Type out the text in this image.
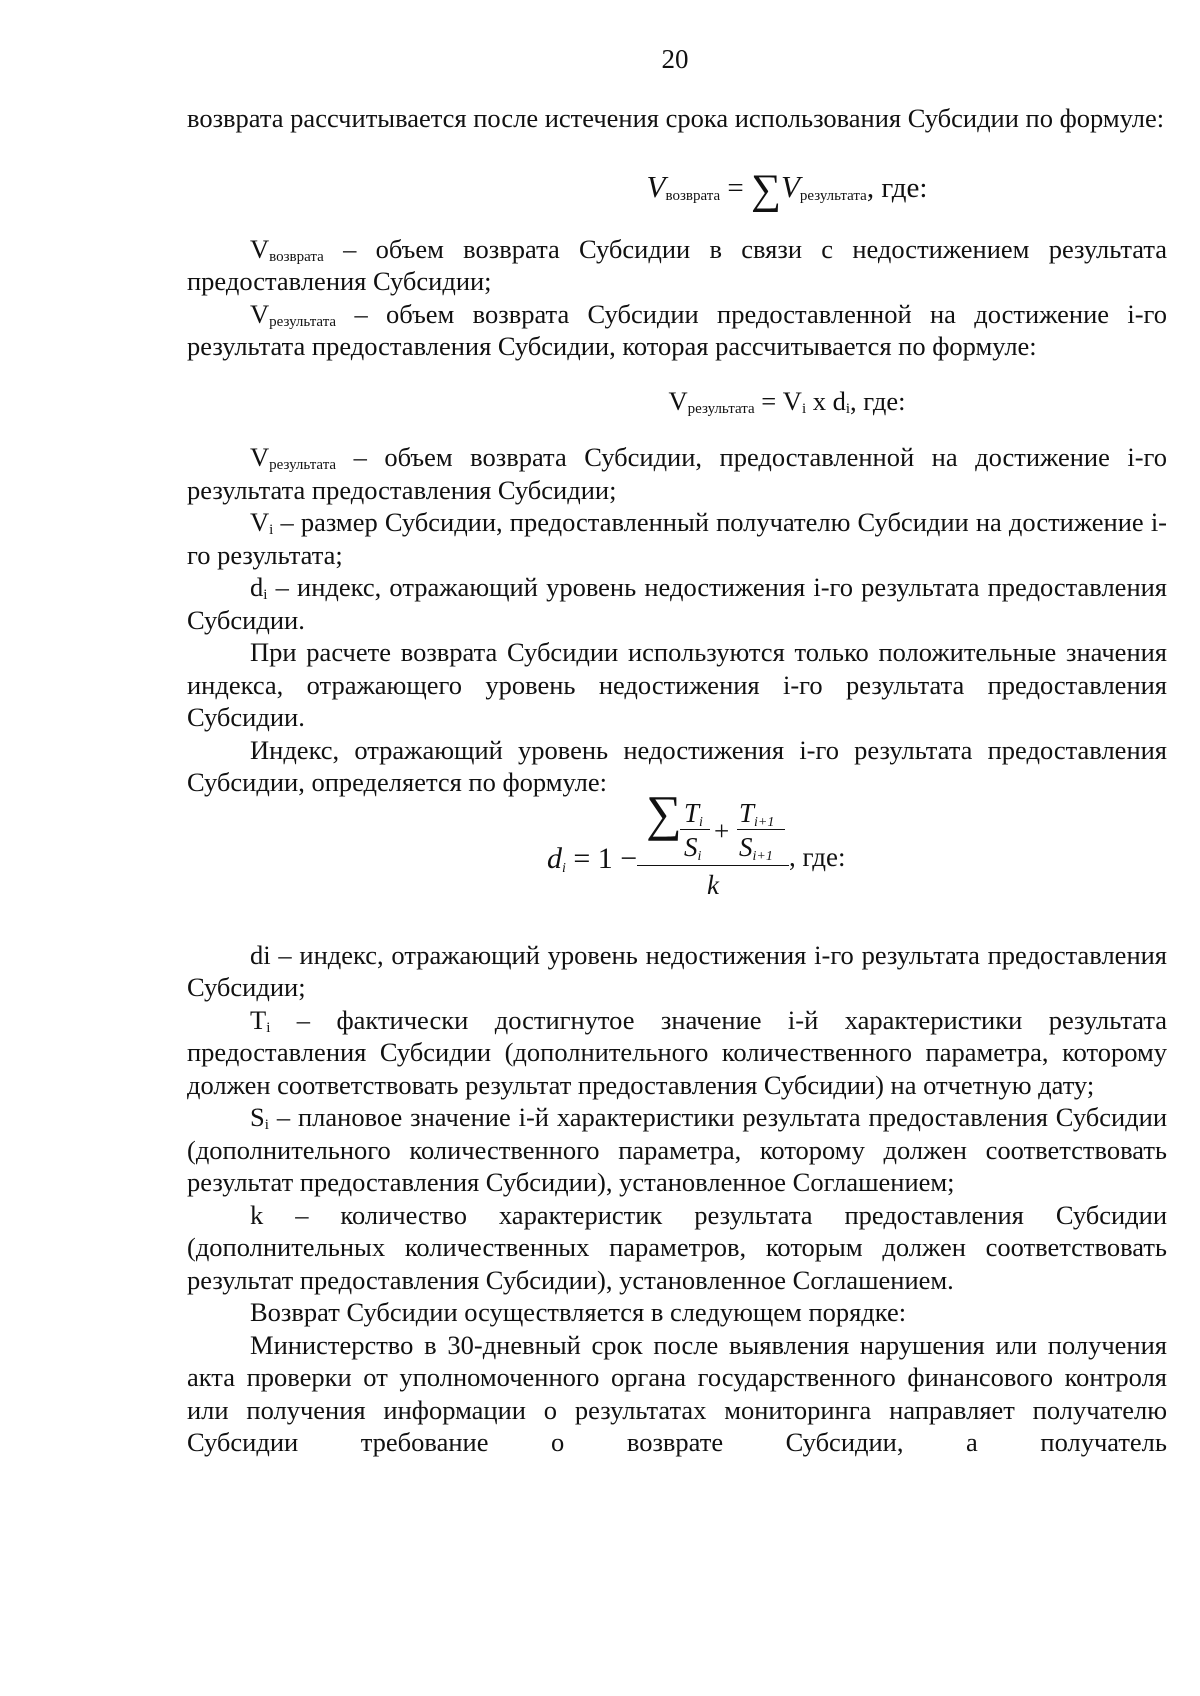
20

возврата рассчитывается после истечения срока использования Субсидии по формуле:

$V_{возврата} = \sum V_{результата}$, где:

$V_{возврата}$ – объем возврата Субсидии в связи с недостижением результата предоставления Субсидии;

$V_{результата}$ – объем возврата Субсидии предоставленной на достижение i-го результата предоставления Субсидии, которая рассчитывается по формуле:

$V_{результата} = V_i$ x $d_i$, где:

$V_{результата}$ – объем возврата Субсидии, предоставленной на достижение i-го результата предоставления Субсидии;

$V_i$ – размер Субсидии, предоставленный получателю Субсидии на достижение i-го результата;

$d_i$ – индекс, отражающий уровень недостижения i-го результата предоставления Субсидии.

При расчете возврата Субсидии используются только положительные значения индекса, отражающего уровень недостижения i-го результата предоставления Субсидии.

Индекс, отражающий уровень недостижения i-го результата предоставления Субсидии, определяется по формуле:

di = 1 −
∑ Ti
Si
+
Ti+1
Si+1
k
, где:

di – индекс, отражающий уровень недостижения i-го результата предоставления Субсидии;

$T_i$ – фактически достигнутое значение i-й характеристики результата предоставления Субсидии (дополнительного количественного параметра, которому должен соответствовать результат предоставления Субсидии) на отчетную дату;

$S_i$ – плановое значение i-й характеристики результата предоставления Субсидии (дополнительного количественного параметра, которому должен соответствовать результат предоставления Субсидии), установленное Соглашением;

k – количество характеристик результата предоставления Субсидии (дополнительных количественных параметров, которым должен соответствовать результат предоставления Субсидии), установленное Соглашением.

Возврат Субсидии осуществляется в следующем порядке:

Министерство в 30-дневный срок после выявления нарушения или получения акта проверки от уполномоченного органа государственного финансового контроля или получения информации о результатах мониторинга направляет получателю Субсидии требование о возврате Субсидии, а получатель
